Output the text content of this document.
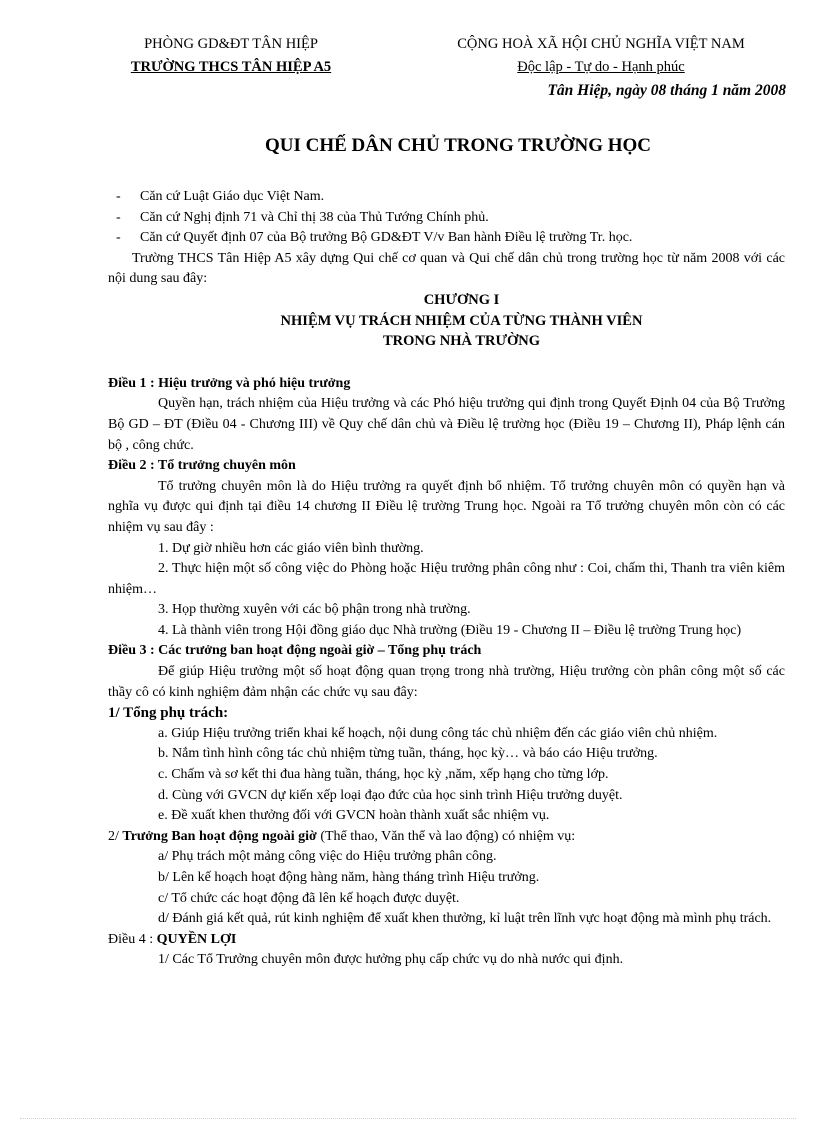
PHÒNG GD&ĐT TÂN HIỆP
TRƯỜNG THCS TÂN HIỆP A5
CỘNG HOÀ XÃ HỘI CHỦ NGHĨA VIỆT NAM
Độc lập - Tự do - Hạnh phúc
Tân Hiệp, ngày 08 tháng 1 năm 2008
QUI CHẾ DÂN CHỦ TRONG TRƯỜNG HỌC

- Căn cứ Luật Giáo dục Việt Nam.

- Căn cứ Nghị định 71 và Chỉ thị 38 của Thủ Tướng Chính phủ.

- Căn cứ Quyết định 07 của Bộ trưởng Bộ GD&ĐT V/v Ban hành Điều lệ trường Tr. học.

Trường THCS Tân Hiệp A5 xây dựng Qui chế cơ quan và Qui chế dân chủ trong trường học từ năm 2008 với các nội dung sau đây:

CHƯƠNG I
NHIỆM VỤ TRÁCH NHIỆM CỦA TỪNG THÀNH VIÊN
TRONG NHÀ TRƯỜNG
Điều 1 : Hiệu trưởng và phó hiệu trưởng

Quyền hạn, trách nhiệm của Hiệu trưởng và các Phó hiệu trưởng qui định trong Quyết Định 04 của Bộ Trưởng Bộ GD – ĐT (Điều 04 - Chương III) về Quy chế dân chủ và Điều lệ trường học (Điều 19 – Chương II), Pháp lệnh cán bộ , công chức.

Điều 2 : Tổ trưởng chuyên môn

Tổ trưởng chuyên môn là do Hiệu trưởng ra quyết định bổ nhiệm. Tổ trưởng chuyên môn có quyền hạn và nghĩa vụ được qui định tại điều 14 chương II Điều lệ trường Trung học. Ngoài ra Tổ trưởng chuyên môn còn có các nhiệm vụ sau đây :

1. Dự giờ nhiều hơn các giáo viên bình thường.

2. Thực hiện một số công việc do Phòng hoặc Hiệu trưởng phân công như : Coi, chấm thi, Thanh tra viên kiêm nhiệm…

3. Họp thường xuyên với các bộ phận trong nhà trường.

4. Là thành viên trong Hội đồng giáo dục Nhà trường (Điều 19 - Chương II – Điều lệ trường Trung học)

Điều 3 : Các trưởng ban hoạt động ngoài giờ – Tổng phụ trách

Để giúp Hiệu trưởng một số hoạt động quan trọng trong nhà trường, Hiệu trưởng còn phân công một số các thầy cô có kinh nghiệm đảm nhận các chức vụ sau đây:

1/ Tổng phụ trách:

a. Giúp Hiệu trưởng triển khai kế hoạch, nội dung công tác chủ nhiệm đến các giáo viên chủ nhiệm.

b. Nắm tình hình công tác chủ nhiệm từng tuần, tháng, học kỳ… và báo cáo Hiệu trưởng.

c. Chấm và sơ kết thi đua hàng tuần, tháng, học kỳ ,năm, xếp hạng cho từng lớp.

d. Cùng với GVCN dự kiến xếp loại đạo đức của học sinh trình Hiệu trưởng duyệt.

e. Đề xuất khen thưởng đối với GVCN hoàn thành xuất sắc nhiệm vụ.

2/ Trưởng Ban hoạt động ngoài giờ (Thể thao, Văn thể và lao động) có nhiệm vụ:

a/ Phụ trách một mảng công việc do Hiệu trưởng phân công.

b/ Lên kế hoạch hoạt động hàng năm, hàng tháng trình Hiệu trưởng.

c/ Tổ chức các hoạt động đã lên kế hoạch được duyệt.

d/ Đánh giá kết quả, rút kinh nghiệm để xuất khen thưởng, kỉ luật trên lĩnh vực hoạt động mà mình phụ trách.

Điều 4 : QUYỀN LỢI

1/ Các Tổ Trưởng chuyên môn được hưởng phụ cấp chức vụ do nhà nước qui định.
